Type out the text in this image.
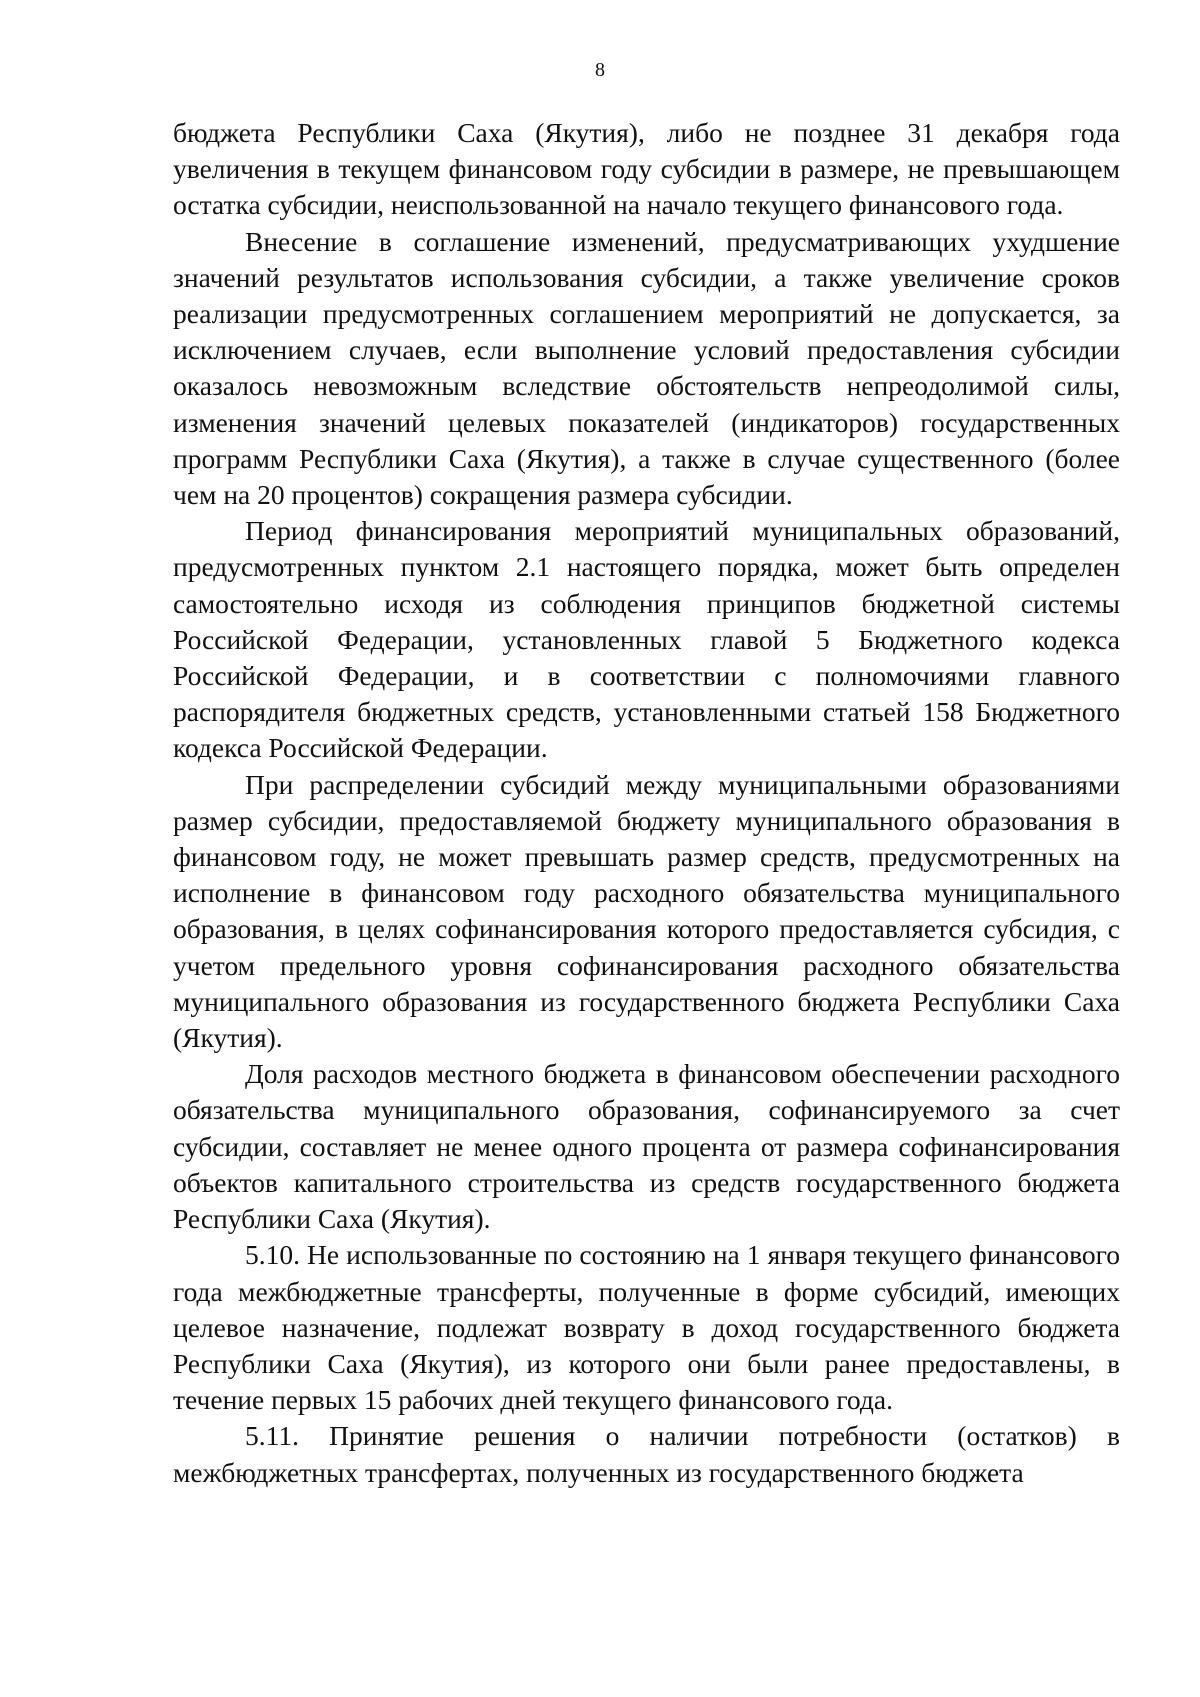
8

бюджета Республики Саха (Якутия), либо не позднее 31 декабря года увеличения в текущем финансовом году субсидии в размере, не превышающем остатка субсидии, неиспользованной на начало текущего финансового года.

Внесение в соглашение изменений, предусматривающих ухудшение значений результатов использования субсидии, а также увеличение сроков реализации предусмотренных соглашением мероприятий не допускается, за исключением случаев, если выполнение условий предоставления субсидии оказалось невозможным вследствие обстоятельств непреодолимой силы, изменения значений целевых показателей (индикаторов) государственных программ Республики Саха (Якутия), а также в случае существенного (более чем на 20 процентов) сокращения размера субсидии.

Период финансирования мероприятий муниципальных образований, предусмотренных пунктом 2.1 настоящего порядка, может быть определен самостоятельно исходя из соблюдения принципов бюджетной системы Российской Федерации, установленных главой 5 Бюджетного кодекса Российской Федерации, и в соответствии с полномочиями главного распорядителя бюджетных средств, установленными статьей 158 Бюджетного кодекса Российской Федерации.

При распределении субсидий между муниципальными образованиями размер субсидии, предоставляемой бюджету муниципального образования в финансовом году, не может превышать размер средств, предусмотренных на исполнение в финансовом году расходного обязательства муниципального образования, в целях софинансирования которого предоставляется субсидия, с учетом предельного уровня софинансирования расходного обязательства муниципального образования из государственного бюджета Республики Саха (Якутия).

Доля расходов местного бюджета в финансовом обеспечении расходного обязательства муниципального образования, софинансируемого за счет субсидии, составляет не менее одного процента от размера софинансирования объектов капитального строительства из средств государственного бюджета Республики Саха (Якутия).

5.10. Не использованные по состоянию на 1 января текущего финансового года межбюджетные трансферты, полученные в форме субсидий, имеющих целевое назначение, подлежат возврату в доход государственного бюджета Республики Саха (Якутия), из которого они были ранее предоставлены, в течение первых 15 рабочих дней текущего финансового года.

5.11. Принятие решения о наличии потребности (остатков) в межбюджетных трансфертах, полученных из государственного бюджета
